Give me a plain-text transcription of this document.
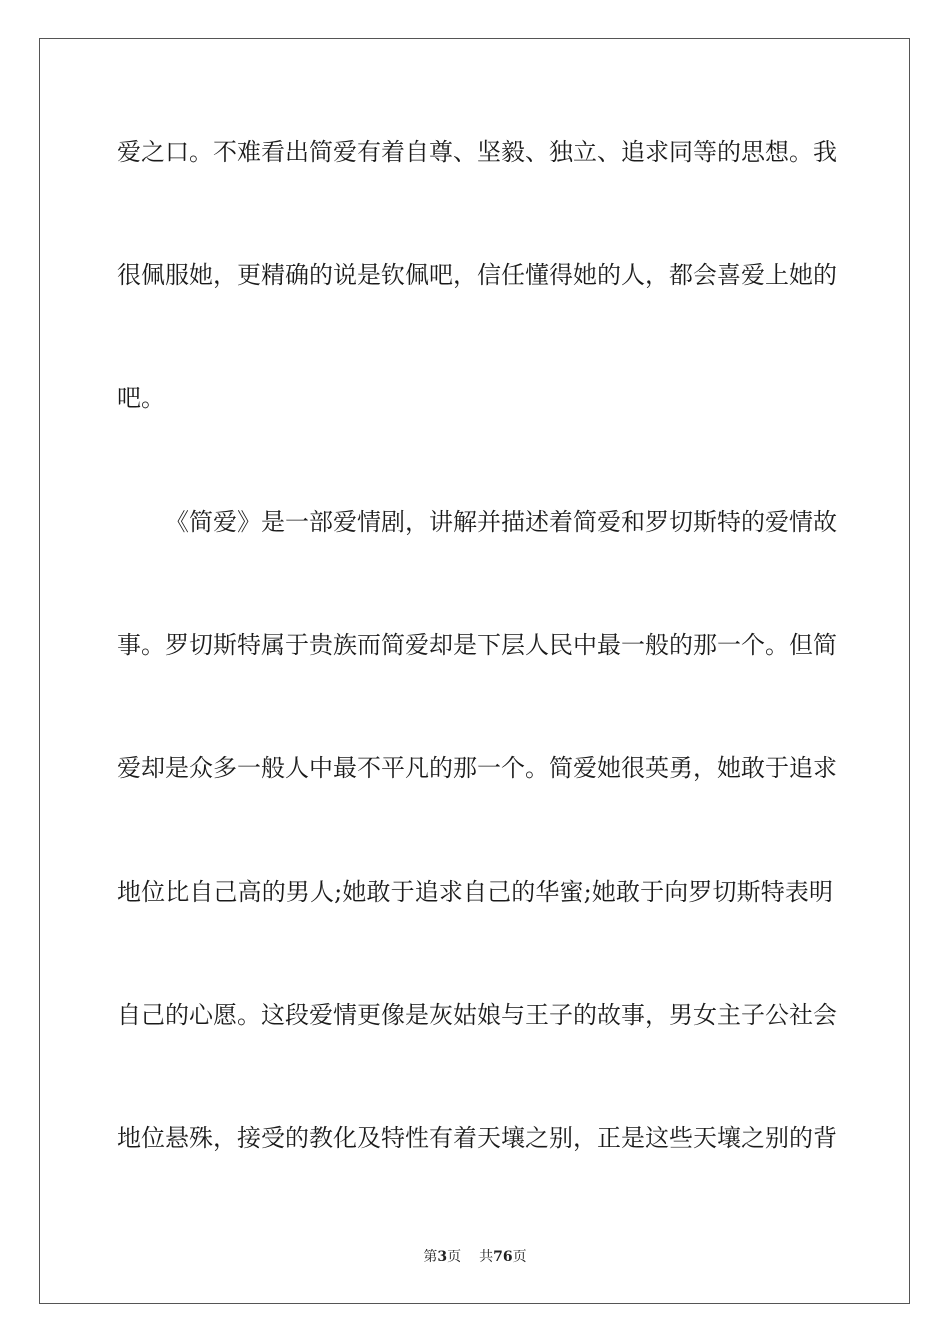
爱之口。不难看出简爱有着自尊、坚毅、独立、追求同等的思想。我
很佩服她，更精确的说是钦佩吧，信任懂得她的人，都会喜爱上她的
吧。
《简爱》是一部爱情剧，讲解并描述着简爱和罗切斯特的爱情故
事。罗切斯特属于贵族而简爱却是下层人民中最一般的那一个。但简
爱却是众多一般人中最不平凡的那一个。简爱她很英勇，她敢于追求
地位比自己高的男人;她敢于追求自己的华蜜;她敢于向罗切斯特表明
自己的心愿。这段爱情更像是灰姑娘与王子的故事，男女主子公社会
地位悬殊，接受的教化及特性有着天壤之别，正是这些天壤之别的背
第3页 共76页
